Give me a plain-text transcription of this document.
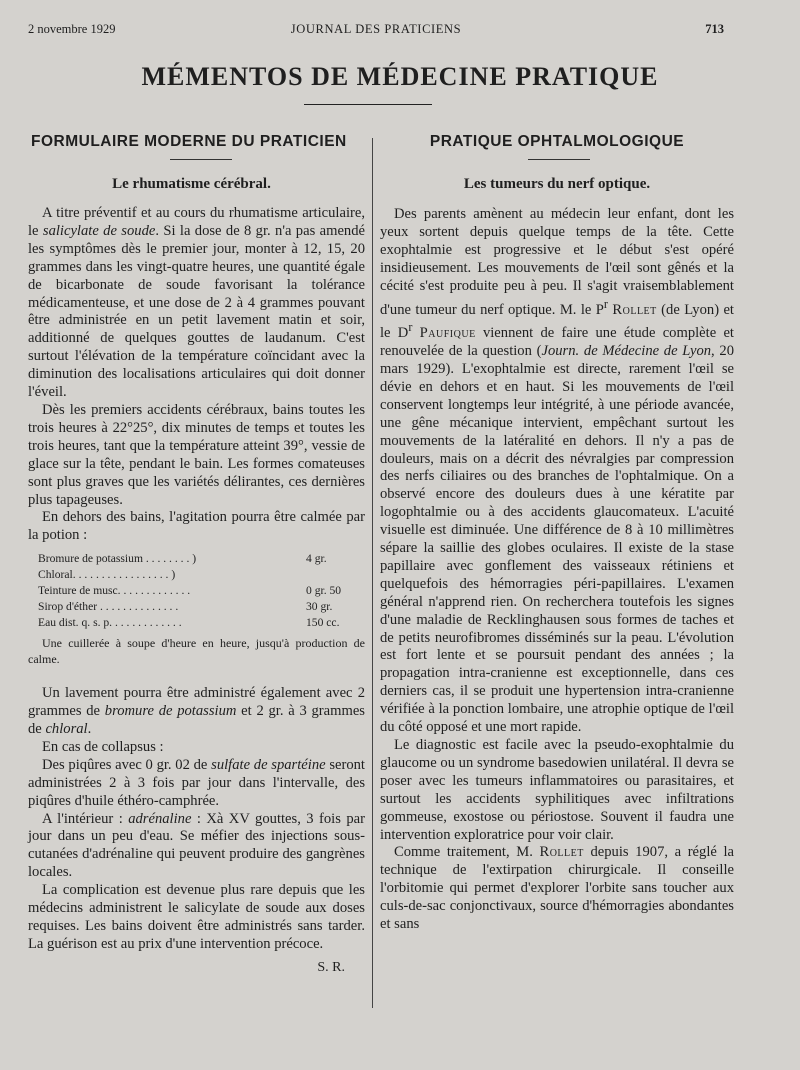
2 novembre 1929	JOURNAL DES PRATICIENS	713
MÉMENTOS DE MÉDECINE PRATIQUE
FORMULAIRE MODERNE DU PRATICIEN
Le rhumatisme cérébral.

A titre préventif et au cours du rhumatisme articulaire, le salicylate de soude. Si la dose de 8 gr. n'a pas amendé les symptômes dès le premier jour, monter à 12, 15, 20 grammes dans les vingt-quatre heures, une quantité égale de bicarbonate de soude favorisant la tolérance médicamenteuse, et une dose de 2 à 4 grammes pouvant être administrée en un petit lavement matin et soir, additionné de quelques gouttes de laudanum. C'est surtout l'élévation de la température coïncidant avec la diminution des localisations articulaires qui doit donner l'éveil.

Dès les premiers accidents cérébraux, bains toutes les trois heures à 22°25°, dix minutes de temps et toutes les trois heures, tant que la température atteint 39°, vessie de glace sur la tête, pendant le bain. Les formes comateuses sont plus graves que les variétés délirantes, ces dernières plus tapageuses.

En dehors des bains, l'agitation pourra être calmée par la potion :

Bromure de potassium . . . . . . . . )	4 gr.
Chloral. . . . . . . . . . . . . . . . . )
Teinture de musc. . . . . . . . . . . . .	0 gr. 50
Sirop d'éther . . . . . . . . . . . . . .	30 gr.
Eau dist. q. s. p. . . . . . . . . . . . .	150 cc.

Une cuillerée à soupe d'heure en heure, jusqu'à production de calme.

Un lavement pourra être administré également avec 2 grammes de bromure de potassium et 2 gr. à 3 grammes de chloral.

En cas de collapsus :

Des piqûres avec 0 gr. 02 de sulfate de spartéine seront administrées 2 à 3 fois par jour dans l'intervalle, des piqûres d'huile éthéro-camphrée.

A l'intérieur : adrénaline : Xà XV gouttes, 3 fois par jour dans un peu d'eau. Se méfier des injections sous-cutanées d'adrénaline qui peuvent produire des gangrènes locales.

La complication est devenue plus rare depuis que les médecins administrent le salicylate de soude aux doses requises. Les bains doivent être administrés sans tarder. La guérison est au prix d'une intervention précoce.

S. R.
PRATIQUE OPHTALMOLOGIQUE
Les tumeurs du nerf optique.

Des parents amènent au médecin leur enfant, dont les yeux sortent depuis quelque temps de la tête. Cette exophtalmie est progressive et le début s'est opéré insidieusement. Les mouvements de l'œil sont gênés et la cécité s'est produite peu à peu. Il s'agit vraisemblablement d'une tumeur du nerf optique. M. le $P^r$ Rollet (de Lyon) et le $D^r$ Paufique viennent de faire une étude complète et renouvelée de la question (Journ. de Médecine de Lyon, 20 mars 1929). L'exophtalmie est directe, rarement l'œil se dévie en dehors et en haut. Si les mouvements de l'œil conservent longtemps leur intégrité, à une période avancée, une gêne mécanique intervient, empêchant surtout les mouvements de la latéralité en dehors. Il n'y a pas de douleurs, mais on a décrit des névralgies par compression des nerfs ciliaires ou des branches de l'ophtalmique. On a observé encore des douleurs dues à une kératite par logophtalmie ou à des accidents glaucomateux. L'acuité visuelle est diminuée. Une différence de 8 à 10 millimètres sépare la saillie des globes oculaires. Il existe de la stase papillaire avec gonflement des vaisseaux rétiniens et quelquefois des hémorragies péri-papillaires. L'examen général n'apprend rien. On recherchera toutefois les signes d'une maladie de Recklinghausen sous formes de taches et de petits neurofibromes disséminés sur la peau. L'évolution est fort lente et se poursuit pendant des années ; la propagation intra-cranienne est exceptionnelle, dans ces derniers cas, il se produit une hypertension intra-cranienne vérifiée à la ponction lombaire, une atrophie optique de l'œil du côté opposé et une mort rapide.

Le diagnostic est facile avec la pseudo-exophtalmie du glaucome ou un syndrome basedowien unilatéral. Il devra se poser avec les tumeurs inflammatoires ou parasitaires, et surtout les accidents syphilitiques avec infiltrations gommeuse, exostose ou périostose. Souvent il faudra une intervention exploratrice pour voir clair.

Comme traitement, M. Rollet depuis 1907, a réglé la technique de l'extirpation chirurgicale. Il conseille l'orbitomie qui permet d'explorer l'orbite sans toucher aux culs-de-sac conjonctivaux, source d'hémorragies abondantes et sans
